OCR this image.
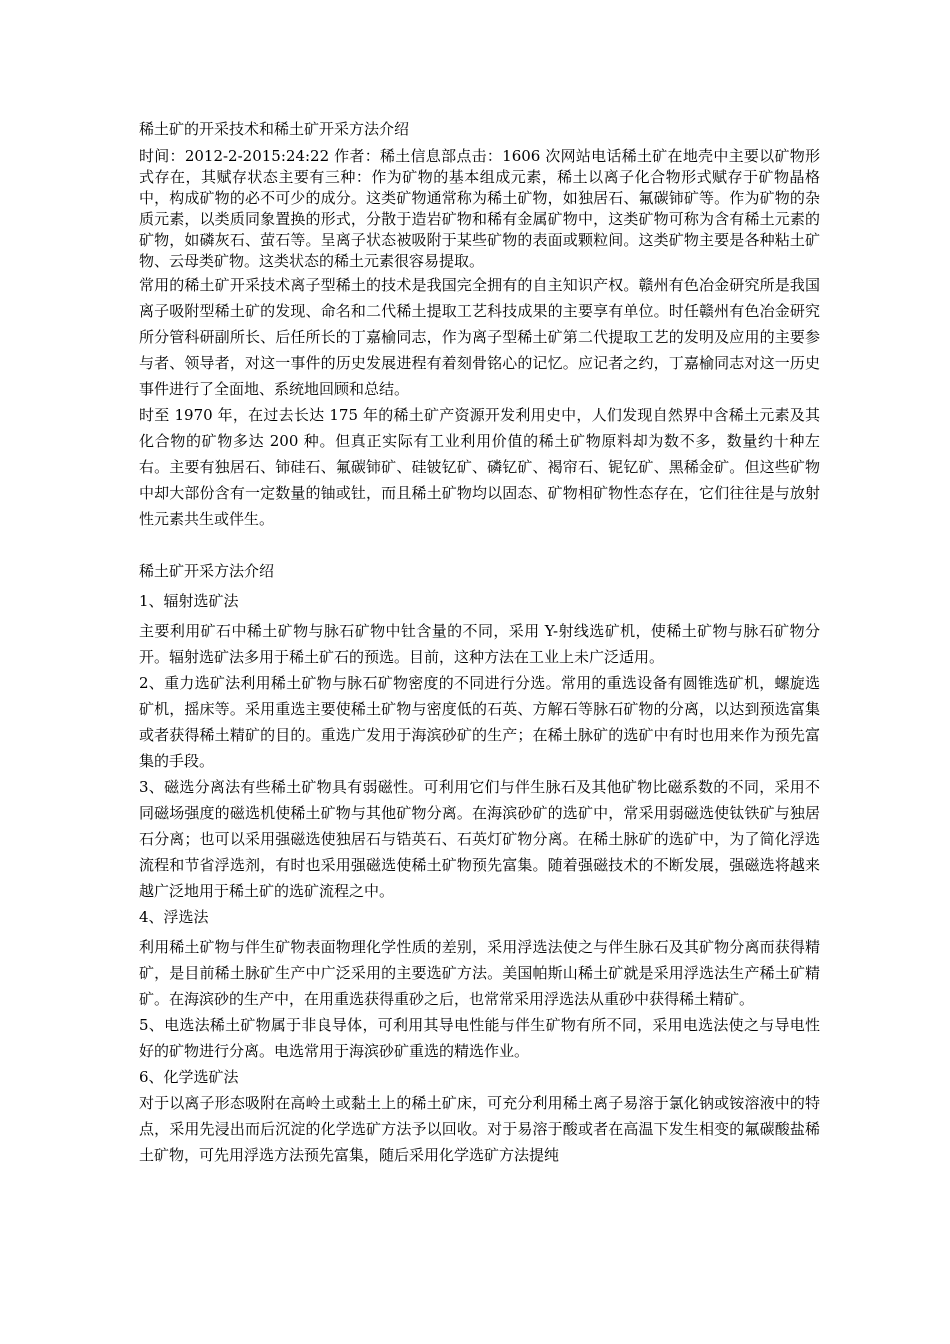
稀土矿的开采技术和稀土矿开采方法介绍

时间：2012-2-2015:24:22 作者：稀土信息部点击：1606 次网站电话稀土矿在地壳中主要以矿物形式存在，其赋存状态主要有三种：作为矿物的基本组成元素，稀土以离子化合物形式赋存于矿物晶格中，构成矿物的必不可少的成分。这类矿物通常称为稀土矿物，如独居石、氟碳铈矿等。作为矿物的杂质元素，以类质同象置换的形式，分散于造岩矿物和稀有金属矿物中，这类矿物可称为含有稀土元素的矿物，如磷灰石、萤石等。呈离子状态被吸附于某些矿物的表面或颗粒间。这类矿物主要是各种粘土矿物、云母类矿物。这类状态的稀土元素很容易提取。

常用的稀土矿开采技术离子型稀土的技术是我国完全拥有的自主知识产权。赣州有色冶金研究所是我国离子吸附型稀土矿的发现、命名和二代稀土提取工艺科技成果的主要享有单位。时任赣州有色冶金研究所分管科研副所长、后任所长的丁嘉榆同志，作为离子型稀土矿第二代提取工艺的发明及应用的主要参与者、领导者，对这一事件的历史发展进程有着刻骨铭心的记忆。应记者之约，丁嘉榆同志对这一历史事件进行了全面地、系统地回顾和总结。

时至 1970 年，在过去长达 175 年的稀土矿产资源开发利用史中，人们发现自然界中含稀土元素及其化合物的矿物多达 200 种。但真正实际有工业利用价值的稀土矿物原料却为数不多，数量约十种左右。主要有独居石、铈硅石、氟碳铈矿、硅铍钇矿、磷钇矿、褐帘石、铌钇矿、黑稀金矿。但这些矿物中却大部份含有一定数量的铀或钍，而且稀土矿物均以固态、矿物相矿物性态存在，它们往往是与放射性元素共生或伴生。

稀土矿开采方法介绍

1、辐射选矿法

主要利用矿石中稀土矿物与脉石矿物中钍含量的不同，采用 Y-射线选矿机，使稀土矿物与脉石矿物分开。辐射选矿法多用于稀土矿石的预选。目前，这种方法在工业上未广泛适用。

2、重力选矿法利用稀土矿物与脉石矿物密度的不同进行分选。常用的重选设备有圆锥选矿机，螺旋选矿机，摇床等。采用重选主要使稀土矿物与密度低的石英、方解石等脉石矿物的分离，以达到预选富集或者获得稀土精矿的目的。重选广发用于海滨砂矿的生产；在稀土脉矿的选矿中有时也用来作为预先富集的手段。

3、磁选分离法有些稀土矿物具有弱磁性。可利用它们与伴生脉石及其他矿物比磁系数的不同，采用不同磁场强度的磁选机使稀土矿物与其他矿物分离。在海滨砂矿的选矿中，常采用弱磁选使钛铁矿与独居石分离；也可以采用强磁选使独居石与锆英石、石英灯矿物分离。在稀土脉矿的选矿中，为了简化浮选流程和节省浮选剂，有时也采用强磁选使稀土矿物预先富集。随着强磁技术的不断发展，强磁选将越来越广泛地用于稀土矿的选矿流程之中。

4、浮选法

利用稀土矿物与伴生矿物表面物理化学性质的差别，采用浮选法使之与伴生脉石及其矿物分离而获得精矿，是目前稀土脉矿生产中广泛采用的主要选矿方法。美国帕斯山稀土矿就是采用浮选法生产稀土矿精矿。在海滨砂的生产中，在用重选获得重砂之后，也常常采用浮选法从重砂中获得稀土精矿。

5、电选法稀土矿物属于非良导体，可利用其导电性能与伴生矿物有所不同，采用电选法使之与导电性好的矿物进行分离。电选常用于海滨砂矿重选的精选作业。

6、化学选矿法

对于以离子形态吸附在高岭土或黏土上的稀土矿床，可充分利用稀土离子易溶于氯化钠或铵溶液中的特点，采用先浸出而后沉淀的化学选矿方法予以回收。对于易溶于酸或者在高温下发生相变的氟碳酸盐稀土矿物，可先用浮选方法预先富集，随后采用化学选矿方法提纯
